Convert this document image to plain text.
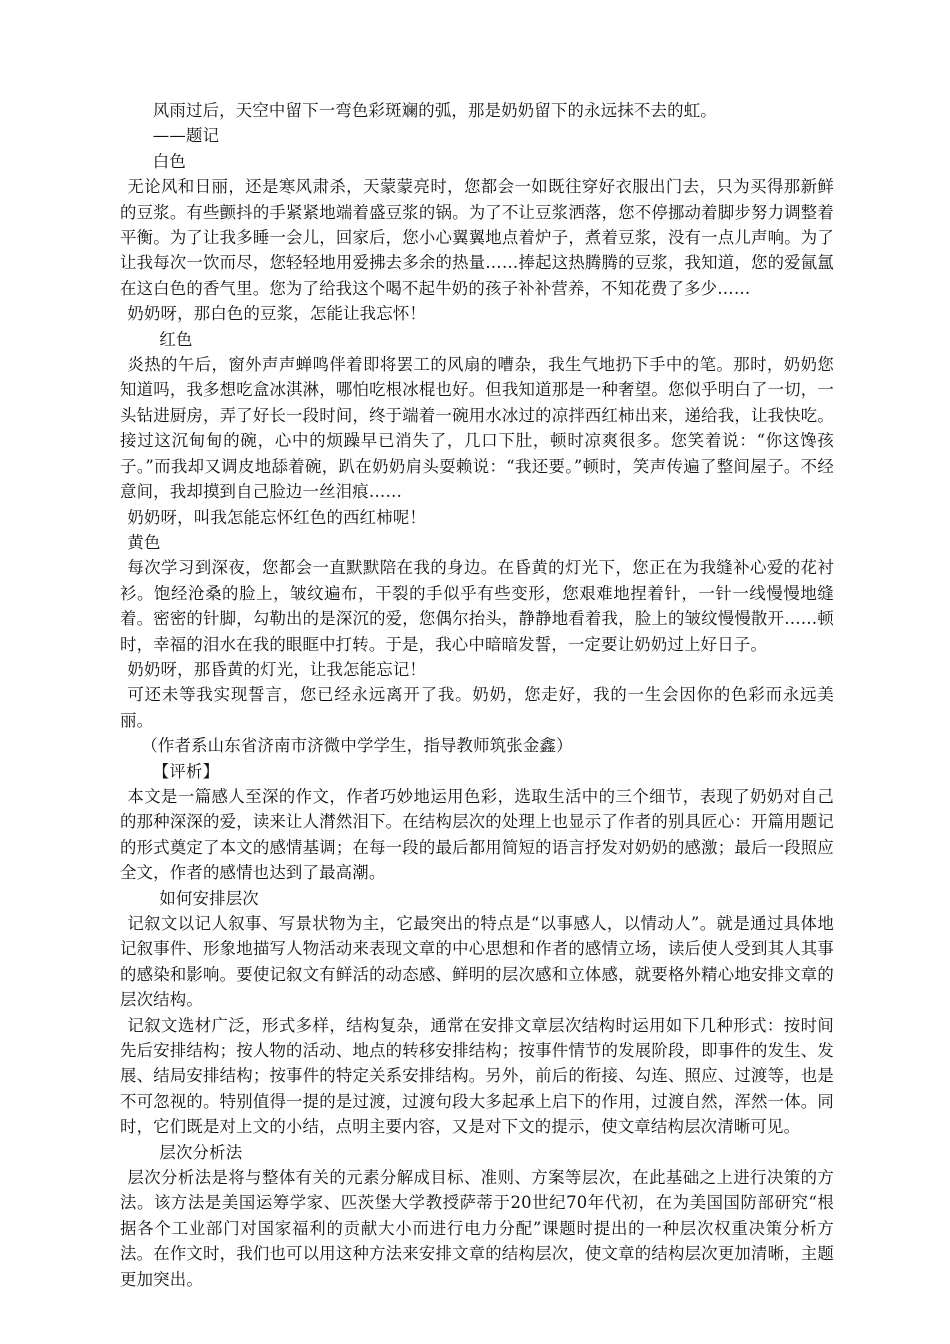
风雨过后，天空中留下一弯色彩斑斓的弧，那是奶奶留下的永远抹不去的虹。

——题记

白色

无论风和日丽，还是寒风肃杀，天蒙蒙亮时，您都会一如既往穿好衣服出门去，只为买得那新鲜的豆浆。有些颤抖的手紧紧地端着盛豆浆的锅。为了不让豆浆洒落，您不停挪动着脚步努力调整着平衡。为了让我多睡一会儿，回家后，您小心翼翼地点着炉子，煮着豆浆，没有一点儿声响。为了让我每次一饮而尽，您轻轻地用爱拂去多余的热量……捧起这热腾腾的豆浆，我知道，您的爱氤氲在这白色的香气里。您为了给我这个喝不起牛奶的孩子补补营养，不知花费了多少……

奶奶呀，那白色的豆浆，怎能让我忘怀！

红色

炎热的午后，窗外声声蝉鸣伴着即将罢工的风扇的嘈杂，我生气地扔下手中的笔。那时，奶奶您知道吗，我多想吃盒冰淇淋，哪怕吃根冰棍也好。但我知道那是一种奢望。您似乎明白了一切，一头钻进厨房，弄了好长一段时间，终于端着一碗用水冰过的凉拌西红柿出来，递给我，让我快吃。接过这沉甸甸的碗，心中的烦躁早已消失了，几口下肚，顿时凉爽很多。您笑着说：“你这馋孩子。”而我却又调皮地舔着碗，趴在奶奶肩头耍赖说：“我还要。”顿时，笑声传遍了整间屋子。不经意间，我却摸到自己脸边一丝泪痕……

奶奶呀，叫我怎能忘怀红色的西红柿呢！

黄色

每次学习到深夜，您都会一直默默陪在我的身边。在昏黄的灯光下，您正在为我缝补心爱的花衬衫。饱经沧桑的脸上，皱纹遍布，干裂的手似乎有些变形，您艰难地捏着针，一针一线慢慢地缝着。密密的针脚，勾勒出的是深沉的爱，您偶尔抬头，静静地看着我，脸上的皱纹慢慢散开……顿时，幸福的泪水在我的眼眶中打转。于是，我心中暗暗发誓，一定要让奶奶过上好日子。

奶奶呀，那昏黄的灯光，让我怎能忘记！

可还未等我实现誓言，您已经永远离开了我。奶奶，您走好，我的一生会因你的色彩而永远美丽。

（作者系山东省济南市济微中学学生，指导教师筑张金鑫）

【评析】

本文是一篇感人至深的作文，作者巧妙地运用色彩，选取生活中的三个细节，表现了奶奶对自己的那种深深的爱，读来让人潸然泪下。在结构层次的处理上也显示了作者的别具匠心：开篇用题记的形式奠定了本文的感情基调；在每一段的最后都用简短的语言抒发对奶奶的感激；最后一段照应全文，作者的感情也达到了最高潮。

如何安排层次

记叙文以记人叙事、写景状物为主，它最突出的特点是“以事感人，以情动人”。就是通过具体地记叙事件、形象地描写人物活动来表现文章的中心思想和作者的感情立场，读后使人受到其人其事的感染和影响。要使记叙文有鲜活的动态感、鲜明的层次感和立体感，就要格外精心地安排文章的层次结构。

记叙文选材广泛，形式多样，结构复杂，通常在安排文章层次结构时运用如下几种形式：按时间先后安排结构；按人物的活动、地点的转移安排结构；按事件情节的发展阶段，即事件的发生、发展、结局安排结构；按事件的特定关系安排结构。另外，前后的衔接、勾连、照应、过渡等，也是不可忽视的。特别值得一提的是过渡，过渡句段大多起承上启下的作用，过渡自然，浑然一体。同时，它们既是对上文的小结，点明主要内容，又是对下文的提示，使文章结构层次清晰可见。

层次分析法

层次分析法是将与整体有关的元素分解成目标、准则、方案等层次，在此基础之上进行决策的方法。该方法是美国运筹学家、匹茨堡大学教授萨蒂于20世纪70年代初，在为美国国防部研究“根据各个工业部门对国家福利的贡献大小而进行电力分配”课题时提出的一种层次权重决策分析方法。在作文时，我们也可以用这种方法来安排文章的结构层次，使文章的结构层次更加清晰，主题更加突出。
